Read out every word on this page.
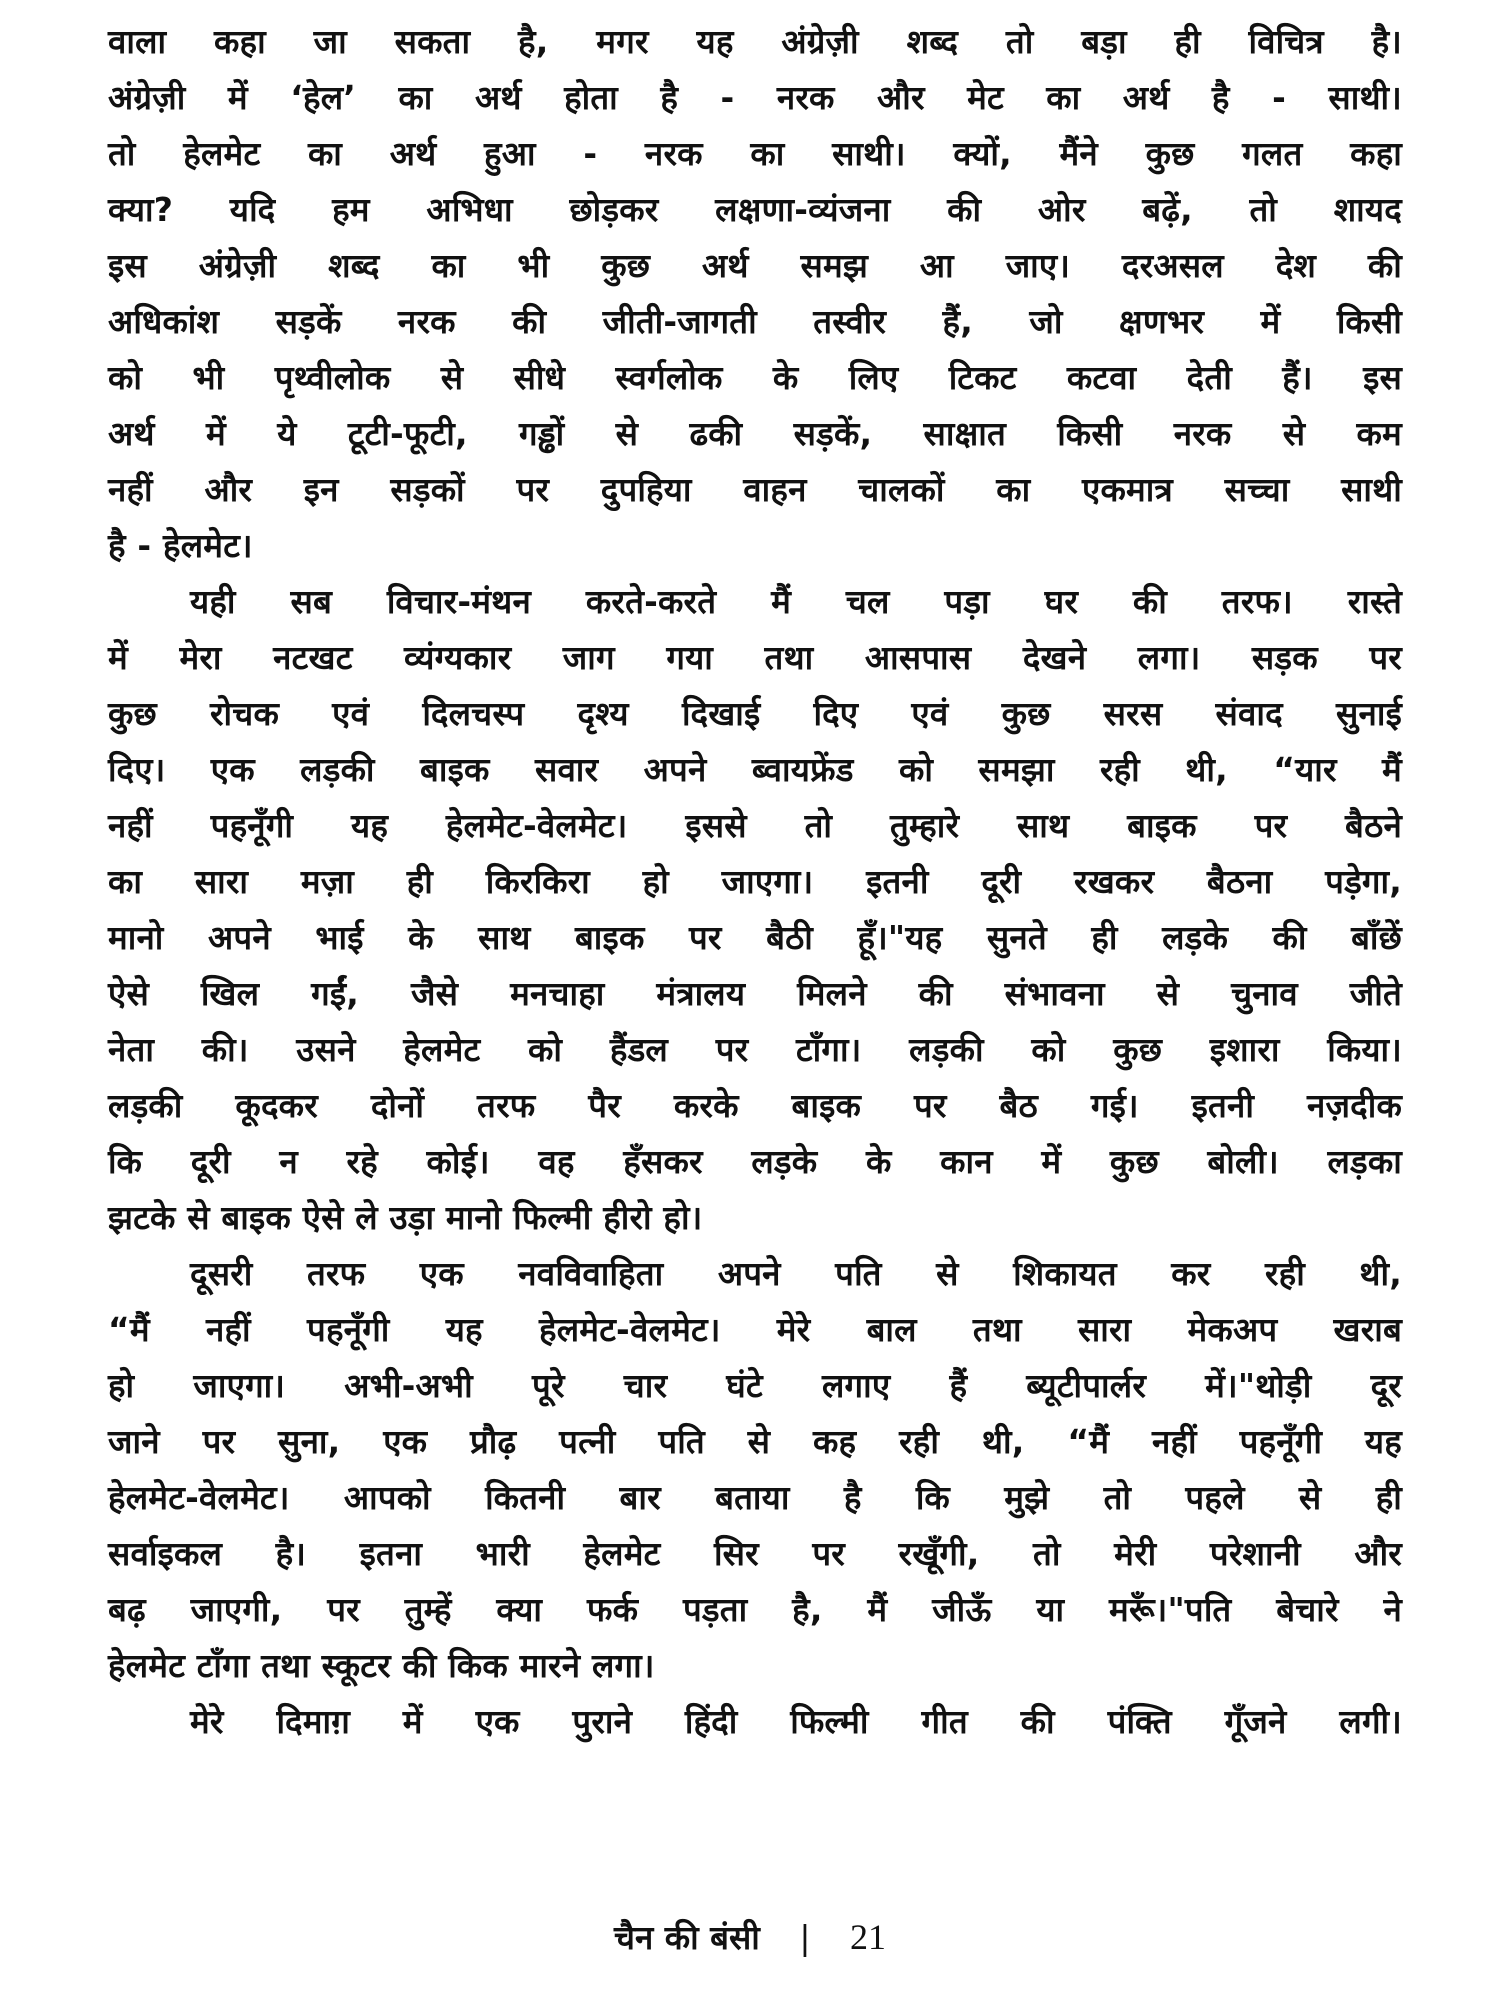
वाला कहा जा सकता है, मगर यह अंग्रेज़ी शब्द तो बड़ा ही विचित्र है।
अंग्रेज़ी में ‘हेल’ का अर्थ होता है - नरक और मेट का अर्थ है - साथी।
तो हेलमेट का अर्थ हुआ - नरक का साथी। क्यों, मैंने कुछ गलत कहा
क्या? यदि हम अभिधा छोड़कर लक्षणा-व्यंजना की ओर बढ़ें, तो शायद
इस अंग्रेज़ी शब्द का भी कुछ अर्थ समझ आ जाए। दरअसल देश की
अधिकांश सड़कें नरक की जीती-जागती तस्वीर हैं, जो क्षणभर में किसी
को भी पृथ्वीलोक से सीधे स्वर्गलोक के लिए टिकट कटवा देती हैं। इस
अर्थ में ये टूटी-फूटी, गड्ढों से ढकी सड़कें, साक्षात किसी नरक से कम
नहीं और इन सड़कों पर दुपहिया वाहन चालकों का एकमात्र सच्चा साथी
है - हेलमेट।
यही सब विचार-मंथन करते-करते मैं चल पड़ा घर की तरफ। रास्ते
में मेरा नटखट व्यंग्यकार जाग गया तथा आसपास देखने लगा। सड़क पर
कुछ रोचक एवं दिलचस्प दृश्य दिखाई दिए एवं कुछ सरस संवाद सुनाई
दिए। एक लड़की बाइक सवार अपने ब्वायफ्रेंड को समझा रही थी, “यार मैं
नहीं पहनूँगी यह हेलमेट-वेलमेट। इससे तो तुम्हारे साथ बाइक पर बैठने
का सारा मज़ा ही किरकिरा हो जाएगा। इतनी दूरी रखकर बैठना पड़ेगा,
मानो अपने भाई के साथ बाइक पर बैठी हूँ।"यह सुनते ही लड़के की बाँछें
ऐसे खिल गईं, जैसे मनचाहा मंत्रालय मिलने की संभावना से चुनाव जीते
नेता की। उसने हेलमेट को हैंडल पर टाँगा। लड़की को कुछ इशारा किया।
लड़की कूदकर दोनों तरफ पैर करके बाइक पर बैठ गई। इतनी नज़दीक
कि दूरी न रहे कोई। वह हँसकर लड़के के कान में कुछ बोली। लड़का
झटके से बाइक ऐसे ले उड़ा मानो फिल्मी हीरो हो।
दूसरी तरफ एक नवविवाहिता अपने पति से शिकायत कर रही थी,
“मैं नहीं पहनूँगी यह हेलमेट-वेलमेट। मेरे बाल तथा सारा मेकअप खराब
हो जाएगा। अभी-अभी पूरे चार घंटे लगाए हैं ब्यूटीपार्लर में।"थोड़ी दूर
जाने पर सुना, एक प्रौढ़ पत्नी पति से कह रही थी, “मैं नहीं पहनूँगी यह
हेलमेट-वेलमेट। आपको कितनी बार बताया है कि मुझे तो पहले से ही
सर्वाइकल है। इतना भारी हेलमेट सिर पर रखूँगी, तो मेरी परेशानी और
बढ़ जाएगी, पर तुम्हें क्या फर्क पड़ता है, मैं जीऊँ या मरूँ।"पति बेचारे ने
हेलमेट टाँगा तथा स्कूटर की किक मारने लगा।
मेरे दिमाग़ में एक पुराने हिंदी फिल्मी गीत की पंक्ति गूँजने लगी।
चैन की बंसी | 21
